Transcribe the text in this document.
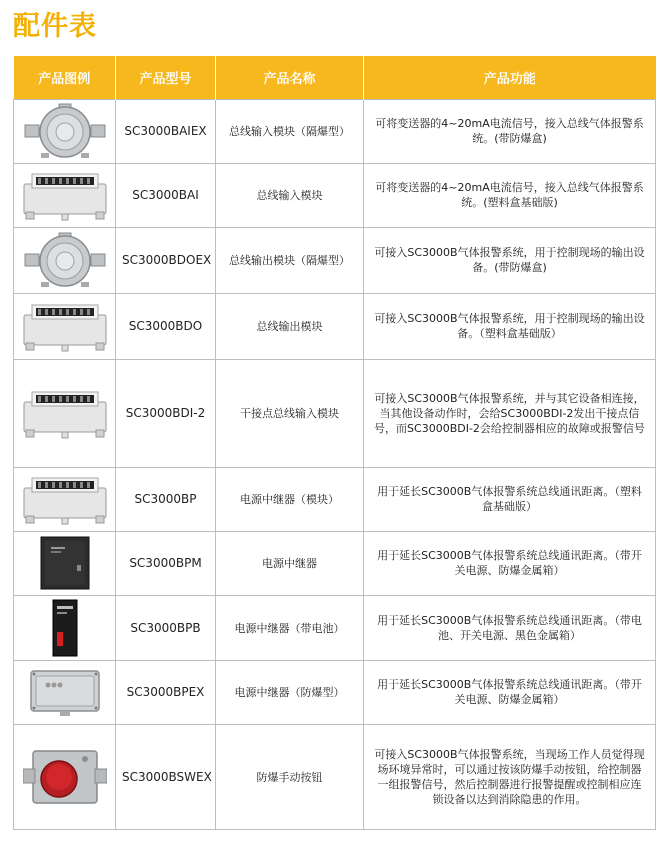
配件表
产品图例	产品型号	产品名称	产品功能

	SC3000BAIEX	总线输入模块（隔爆型）	可将变送器的4~20mA电流信号，接入总线气体报警系统。(带防爆盒)

	SC3000BAI	总线输入模块	可将变送器的4~20mA电流信号，接入总线气体报警系统。(塑料盒基础版)

	SC3000BDOEX	总线输出模块（隔爆型）	可接入SC3000B气体报警系统，用于控制现场的输出设备。(带防爆盒)

	SC3000BDO	总线输出模块	可接入SC3000B气体报警系统，用于控制现场的输出设备。（塑料盒基础版）

	SC3000BDI-2	干接点总线输入模块	可接入SC3000B气体报警系统，并与其它设备相连接，当其他设备动作时，会给SC3000BDI-2发出干接点信号，而SC3000BDI-2会给控制器相应的故障或报警信号

	SC3000BP	电源中继器（模块）	用于延长SC3000B气体报警系统总线通讯距离。（塑料盒基础版）

	SC3000BPM	电源中继器	用于延长SC3000B气体报警系统总线通讯距离。（带开关电源、防爆金属箱）

	SC3000BPB	电源中继器（带电池）	用于延长SC3000B气体报警系统总线通讯距离。（带电池、开关电源、黑色金属箱）

	SC3000BPEX	电源中继器（防爆型）	用于延长SC3000B气体报警系统总线通讯距离。（带开关电源、防爆金属箱）

	SC3000BSWEX	防爆手动按钮	可接入SC3000B气体报警系统，当现场工作人员觉得现场环境异常时，可以通过按该防爆手动按钮，给控制器一组报警信号，然后控制器进行报警提醒或控制相应连锁设备以达到消除隐患的作用。
